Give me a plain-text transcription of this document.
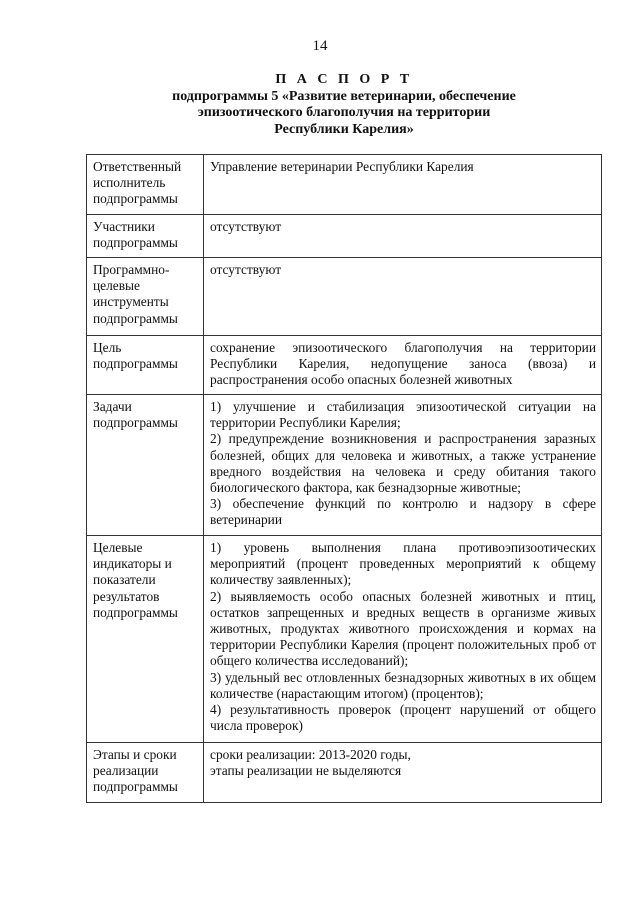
14
П А С П О Р Т
подпрограммы 5 «Развитие ветеринарии, обеспечение
эпизоотического благополучия на территории
Республики Карелия»
Ответственный исполнитель подпрограммы	Управление ветеринарии Республики Карелия

Участники подпрограммы	отсутствуют

Программно-целевые инструменты подпрограммы	отсутствуют

Цель подпрограммы	сохранение эпизоотического благополучия на территории Республики Карелия, недопущение заноса (ввоза) и распространения особо опасных болезней животных

Задачи подпрограммы	1) улучшение и стабилизация эпизоотической ситуации на территории Республики Карелия;
2) предупреждение возникновения и распространения заразных болезней, общих для человека и животных, а также устранение вредного воздействия на человека и среду обитания такого биологического фактора, как безнадзорные животные;
3) обеспечение функций по контролю и надзору в сфере ветеринарии

Целевые индикаторы и показатели результатов подпрограммы	1) уровень выполнения плана противоэпизоотических мероприятий (процент проведенных мероприятий к общему количеству заявленных);
2) выявляемость особо опасных болезней животных и птиц, остатков запрещенных и вредных веществ в организме живых животных, продуктах животного происхождения и кормах на территории Республики Карелия (процент положительных проб от общего количества исследований);
3) удельный вес отловленных безнадзорных животных в их общем количестве (нарастающим итогом) (процентов);
4) результативность проверок (процент нарушений от общего числа проверок)

Этапы и сроки реализации подпрограммы	сроки реализации: 2013-2020 годы,
этапы реализации не выделяются
